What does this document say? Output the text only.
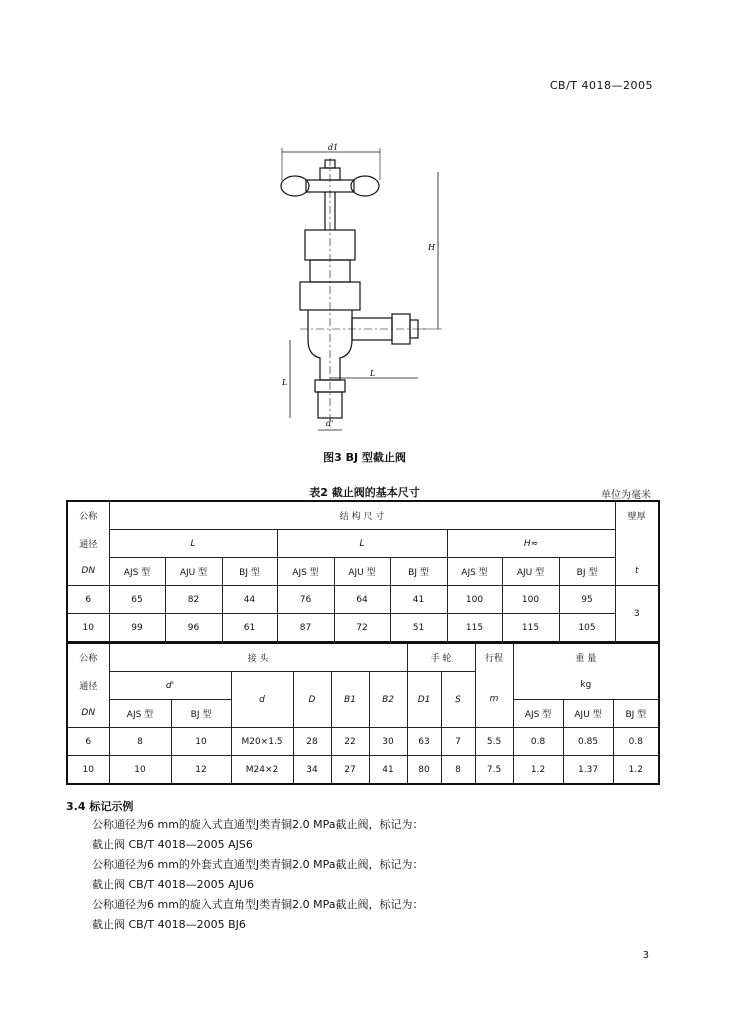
CB/T 4018—2005
d1
H
L
L
d'
图3 BJ 型截止阀
表2 截止阀的基本尺寸	单位为毫米
公称	结 构 尺 寸									壁厚
通径	L			L			H≈			
DN	AJS 型	AJU 型	BJ 型	AJS 型	AJU 型	BJ 型	AJS 型	AJU 型	BJ 型	t
6	65	82	44	76	64	41	100	100	95	3
10	99	96	61	87	72	51	115	115	105	
公称	接 头						手 轮		行程	重 量		
通径	d'		d	D	B1	B2	D1	S	m	kg		
DN	AJS 型	BJ 型								AJS 型	AJU 型	BJ 型
6	8	10	M20×1.5	28	22	30	63	7	5.5	0.8	0.85	0.8
10	10	12	M24×2	34	27	41	80	8	7.5	1.2	1.37	1.2
3.4 标记示例
公称通径为6 mm的旋入式直通型J类青铜2.0 MPa截止阀，标记为：
截止阀 CB/T 4018—2005 AJS6
公称通径为6 mm的外套式直通型J类青铜2.0 MPa截止阀，标记为：
截止阀 CB/T 4018—2005 AJU6
公称通径为6 mm的旋入式直角型J类青铜2.0 MPa截止阀，标记为：
截止阀 CB/T 4018—2005 BJ6
3
